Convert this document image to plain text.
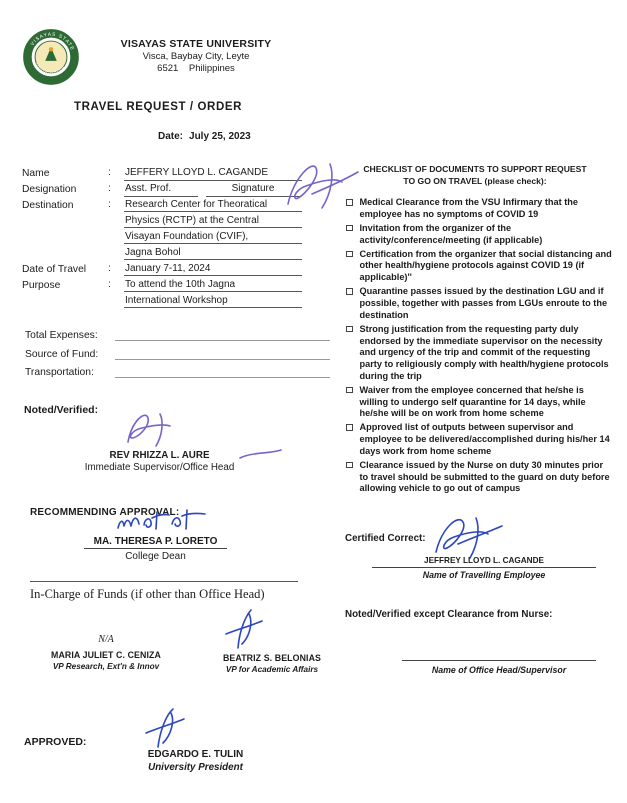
VISAYAS STATE
UNIVERSITY
VISAYAS STATE UNIVERSITY
Visca, Baybay City, Leyte
6521    Philippines
TRAVEL REQUEST / ORDER
Date: July 25, 2023
Name	:	JEFFERY LLOYD L. CAGANDE
Designation	:	Asst. Prof.	Signature
Destination	:	Research Center for Theoratical
Physics (RCTP) at the Central
Visayan Foundation (CVIF),
Jagna Bohol
Date of Travel	:	January 7-11, 2024
Purpose	:	To attend the 10th Jagna
International Workshop
Total Expenses:
Source of Fund:
Transportation:
Noted/Verified:
REV RHIZZA L. AURE
Immediate Supervisor/Office Head
RECOMMENDING APPROVAL:
MA. THERESA P. LORETO
College Dean
In-Charge of Funds (if other than Office Head)
N/A
MARIA JULIET C. CENIZA
VP Research, Ext'n & Innov
BEATRIZ S. BELONIAS
VP for Academic Affairs
APPROVED:
EDGARDO E. TULIN
University President
CHECKLIST OF DOCUMENTS TO SUPPORT REQUEST
TO GO ON TRAVEL (please check):
Medical Clearance from the VSU Infirmary that the employee has no symptoms of COVID 19
Invitation from the organizer of the activity/conference/meeting (if applicable)
Certification from the organizer that social distancing and other health/hygiene protocols against COVID 19 (if applicable)''
Quarantine passes issued by the destination LGU and if possible, together with passes from LGUs enroute to the destination
Strong justification from the requesting party duly endorsed by the immediate supervisor on the necessity and urgency of the trip and commit of the requesting party to religiously comply with health/hygiene protocols during the trip
Waiver from the employee concerned that he/she is willing to undergo self quarantine for 14 days, while he/she will be on work from home scheme
Approved list of outputs between supervisor and employee to be delivered/accomplished during his/her 14 days work from home scheme
Clearance issued by the Nurse on duty 30 minutes prior to travel should be submitted to the guard on duty before allowing vehicle to go out of campus
Certified Correct:
JEFFREY LLOYD L. CAGANDE
Name of Travelling Employee
Noted/Verified except Clearance from Nurse:
Name of Office Head/Supervisor
